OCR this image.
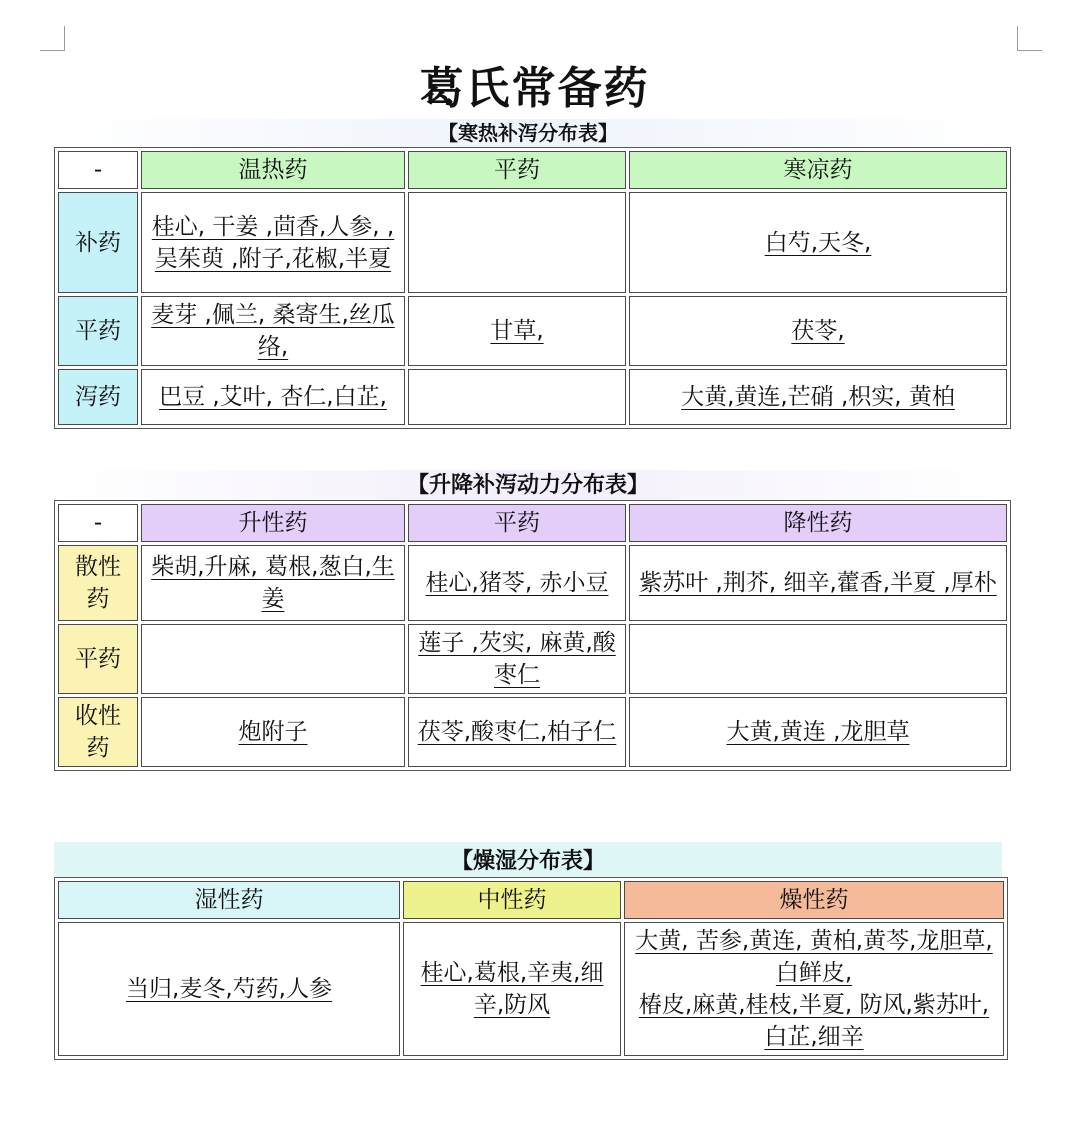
葛氏常备药
【寒热补泻分布表】
-	温热药	平药	寒凉药
补药	桂心, 干姜 ,茴香,人参, ,吴茱萸 ,附子,花椒,半夏		白芍,天冬,
平药	麦芽 ,佩兰, 桑寄生,丝瓜络,	甘草,	茯苓,
泻药	巴豆 ,艾叶, 杏仁,白芷,		大黄,黄连,芒硝 ,枳实, 黄柏
【升降补泻动力分布表】
-	升性药	平药	降性药
散性药	柴胡,升麻, 葛根,葱白,生姜	桂心,猪苓, 赤小豆	紫苏叶 ,荆芥, 细辛,藿香,半夏 ,厚朴
平药		莲子 ,芡实, 麻黄,酸枣仁	
收性药	炮附子	茯苓,酸枣仁,柏子仁	大黄,黄连 ,龙胆草
【燥湿分布表】
湿性药	中性药	燥性药
当归,麦冬,芍药,人参	桂心,葛根,辛夷,细辛,防风	大黄, 苦参,黄连, 黄柏,黄芩,龙胆草,白鲜皮,
椿皮,麻黄,桂枝,半夏, 防风,紫苏叶,白芷,细辛
